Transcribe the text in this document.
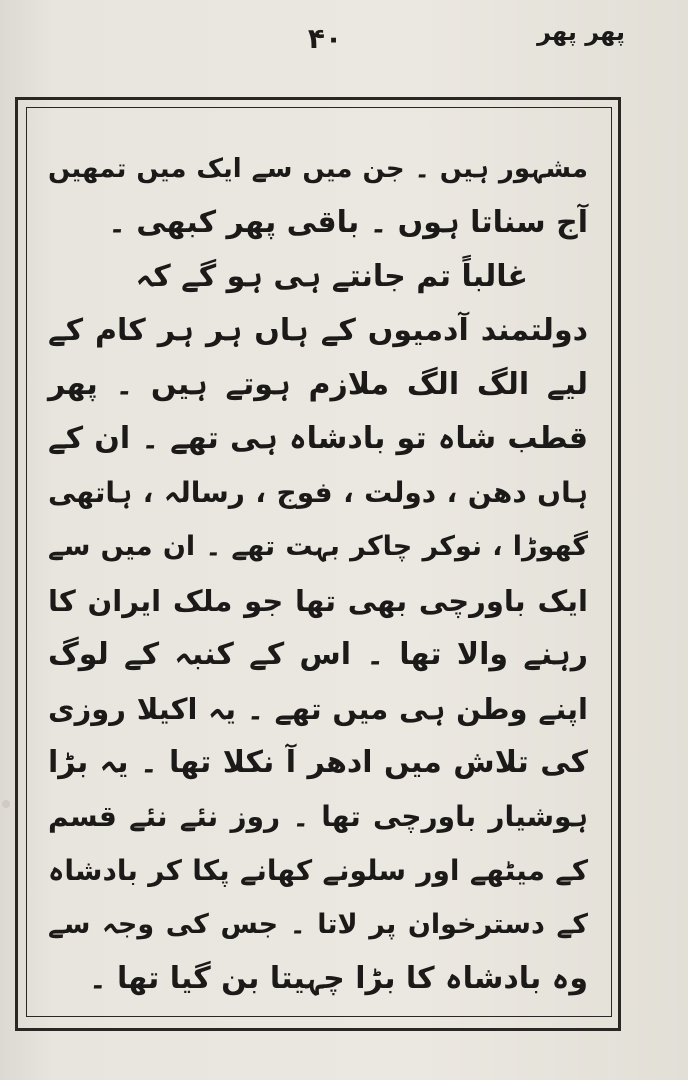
۴۰	پھر پھر
مشہور ہیں ۔ جن میں سے ایک میں تمھیں
آج سناتا ہوں ۔ باقی پھر کبھی ۔
غالباً تم جانتے ہی ہو گے کہ
دولتمند آدمیوں کے ہاں ہر ہر کام کے
لیے الگ الگ ملازم ہوتے ہیں ۔ پھر
قطب شاہ تو بادشاہ ہی تھے ۔ ان کے
ہاں دھن ، دولت ، فوج ، رسالہ ، ہاتھی
گھوڑا ، نوکر چاکر بہت تھے ۔ ان میں سے
ایک باورچی بھی تھا جو ملک ایران کا
رہنے والا تھا ۔ اس کے کنبہ کے لوگ
اپنے وطن ہی میں تھے ۔ یہ اکیلا روزی
کی تلاش میں ادھر آ نکلا تھا ۔ یہ بڑا
ہوشیار باورچی تھا ۔ روز نئے نئے قسم
کے میٹھے اور سلونے کھانے پکا کر بادشاہ
کے دسترخوان پر لاتا ۔ جس کی وجہ سے
وہ بادشاہ کا بڑا چہیتا بن گیا تھا ۔
